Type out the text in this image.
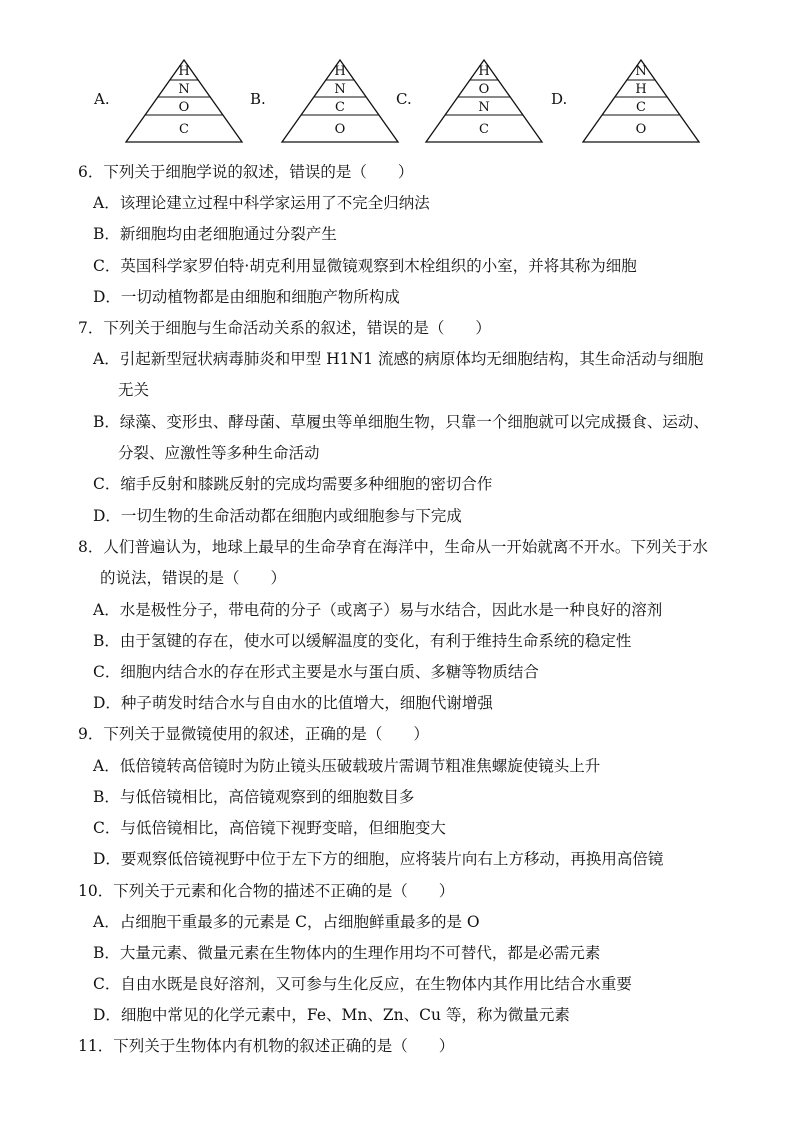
A.
H
N
O
C
B.
H
N
C
O
C.
H
O
N
C
D.
N
H
C
O
6．下列关于细胞学说的叙述，错误的是（　　）
A．该理论建立过程中科学家运用了不完全归纳法
B．新细胞均由老细胞通过分裂产生
C．英国科学家罗伯特·胡克利用显微镜观察到木栓组织的小室，并将其称为细胞
D．一切动植物都是由细胞和细胞产物所构成
7．下列关于细胞与生命活动关系的叙述，错误的是（　　）
A．引起新型冠状病毒肺炎和甲型 H1N1 流感的病原体均无细胞结构，其生命活动与细胞
无关
B．绿藻、变形虫、酵母菌、草履虫等单细胞生物，只靠一个细胞就可以完成摄食、运动、
分裂、应激性等多种生命活动
C．缩手反射和膝跳反射的完成均需要多种细胞的密切合作
D．一切生物的生命活动都在细胞内或细胞参与下完成
8．人们普遍认为，地球上最早的生命孕育在海洋中，生命从一开始就离不开水。下列关于水
的说法，错误的是（　　）
A．水是极性分子，带电荷的分子（或离子）易与水结合，因此水是一种良好的溶剂
B．由于氢键的存在，使水可以缓解温度的变化，有利于维持生命系统的稳定性
C．细胞内结合水的存在形式主要是水与蛋白质、多糖等物质结合
D．种子萌发时结合水与自由水的比值增大，细胞代谢增强
9．下列关于显微镜使用的叙述，正确的是（　　）
A．低倍镜转高倍镜时为防止镜头压破载玻片需调节粗准焦螺旋使镜头上升
B．与低倍镜相比，高倍镜观察到的细胞数目多
C．与低倍镜相比，高倍镜下视野变暗，但细胞变大
D．要观察低倍镜视野中位于左下方的细胞，应将装片向右上方移动，再换用高倍镜
10．下列关于元素和化合物的描述不正确的是（　　）
A．占细胞干重最多的元素是 C，占细胞鲜重最多的是 O
B．大量元素、微量元素在生物体内的生理作用均不可替代，都是必需元素
C．自由水既是良好溶剂，又可参与生化反应，在生物体内其作用比结合水重要
D．细胞中常见的化学元素中，Fe、Mn、Zn、Cu 等，称为微量元素
11．下列关于生物体内有机物的叙述正确的是（　　）
